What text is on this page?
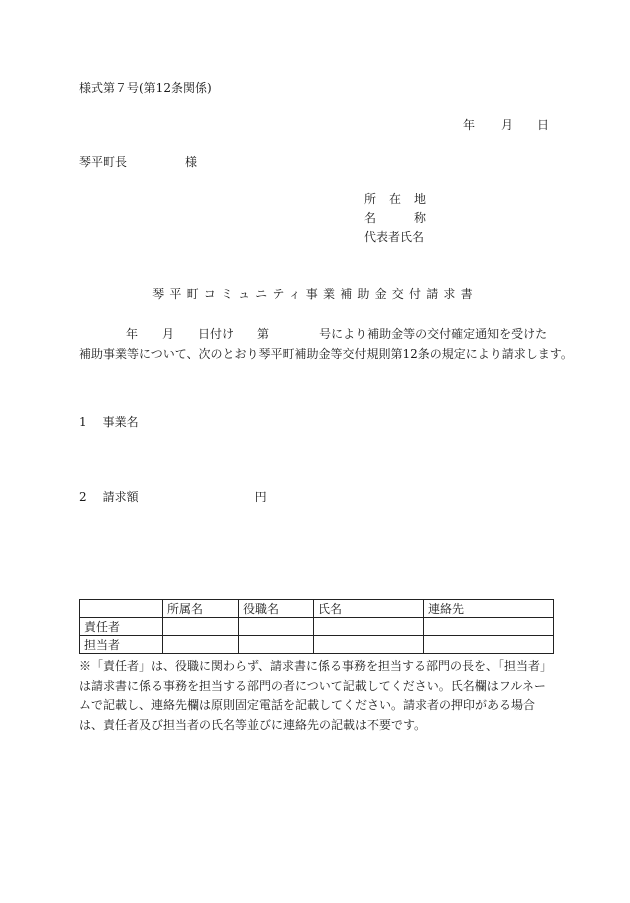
様式第７号(第12条関係)
年 月 日
琴平町長	様
所 在 地
名	称
代表者氏名
琴平町コミュニティ事業補助金交付請求書
年 月 日付け 第	号により補助金等の交付確定通知を受けた
補助事業等について、次のとおり琴平町補助金等交付規則第12条の規定により請求します。
1 事業名
2 請求額	円
	所属名	役職名	氏名	連絡先
責任者				
担当者				
※「責任者」は、役職に関わらず、請求書に係る事務を担当する部門の長を、「担当者」は請求書に係る事務を担当する部門の者について記載してください。氏名欄はフルネームで記載し、連絡先欄は原則固定電話を記載してください。請求者の押印がある場合は、責任者及び担当者の氏名等並びに連絡先の記載は不要です。
